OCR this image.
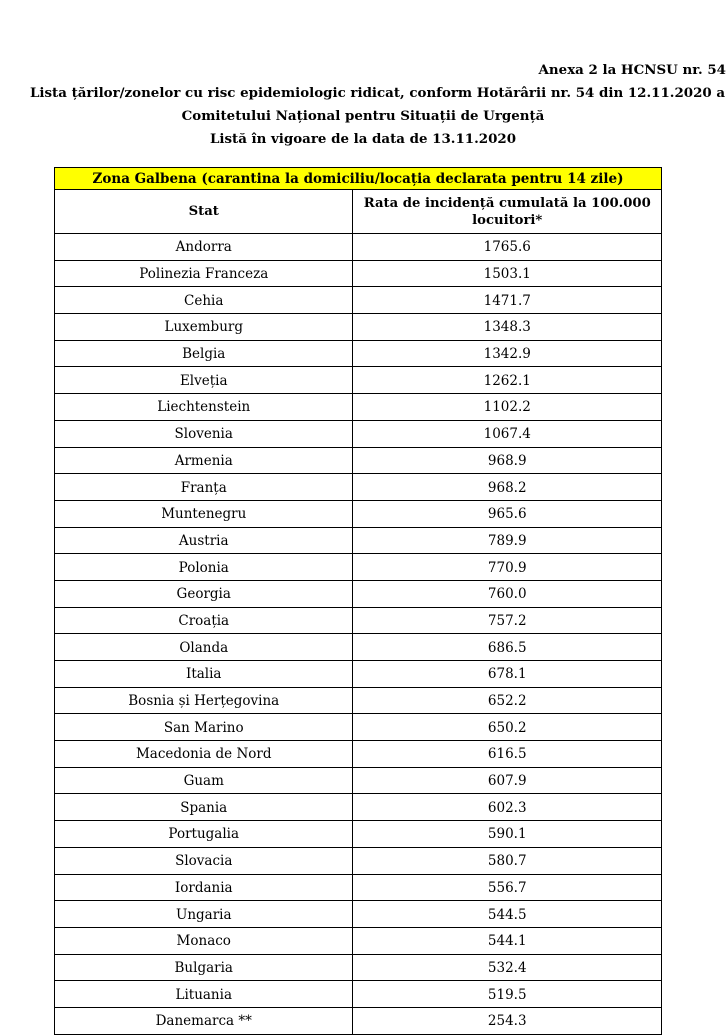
Anexa 2 la HCNSU nr. 54
Lista țărilor/zonelor cu risc epidemiologic ridicat, conform Hotărârii nr. 54 din 12.11.2020 a
Comitetului Național pentru Situații de Urgență
Listă în vigoare de la data de 13.11.2020
Zona Galbena (carantina la domiciliu/locația declarata pentru 14 zile)	
Stat	Rata de incidență cumulată la 100.000 locuitori*
Andorra	1765.6
Polinezia Franceza	1503.1
Cehia	1471.7
Luxemburg	1348.3
Belgia	1342.9
Elveția	1262.1
Liechtenstein	1102.2
Slovenia	1067.4
Armenia	968.9
Franța	968.2
Muntenegru	965.6
Austria	789.9
Polonia	770.9
Georgia	760.0
Croația	757.2
Olanda	686.5
Italia	678.1
Bosnia și Herțegovina	652.2
San Marino	650.2
Macedonia de Nord	616.5
Guam	607.9
Spania	602.3
Portugalia	590.1
Slovacia	580.7
Iordania	556.7
Ungaria	544.5
Monaco	544.1
Bulgaria	532.4
Lituania	519.5
Danemarca **	254.3
